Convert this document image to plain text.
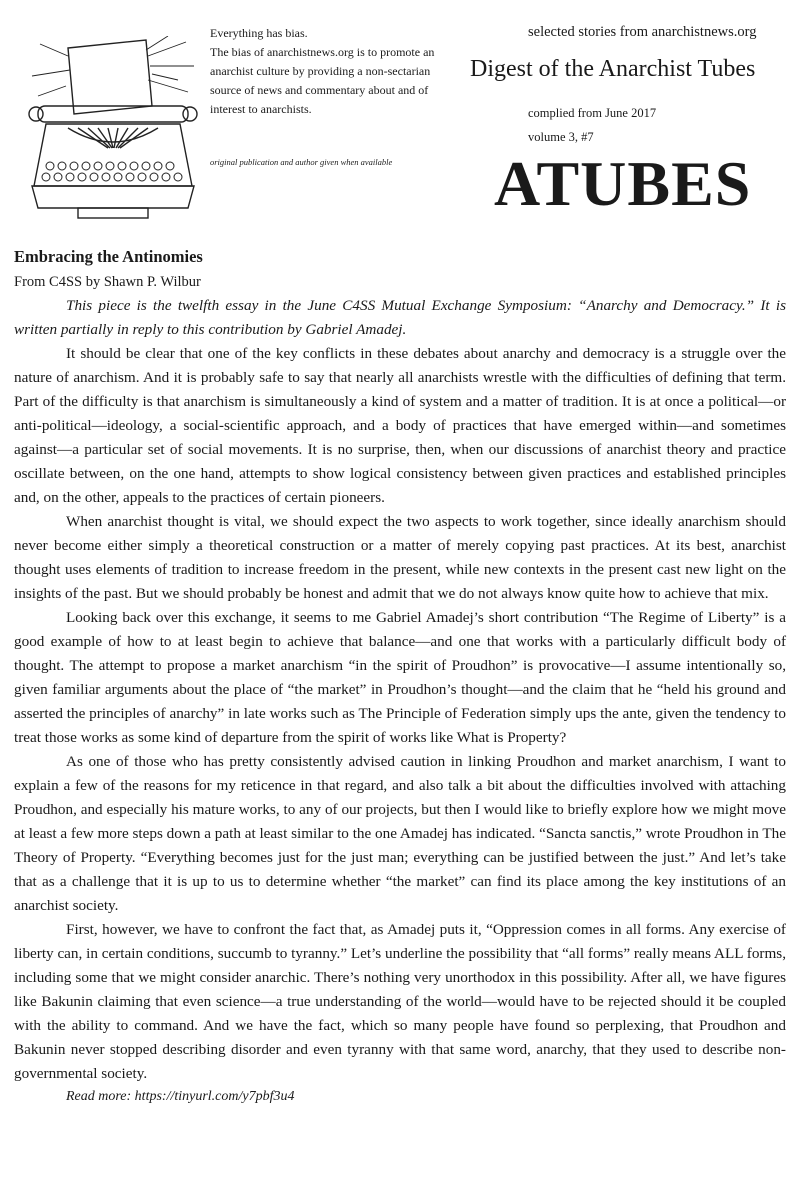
Everything has bias.

The bias of anarchistnews.org is to promote an anarchist culture by providing a non-sectarian source of news and commentary about and of interest to anarchists.

original publication and author given when available
selected stories from anarchistnews.org
Digest of the Anarchist Tubes
complied from June 2017
volume 3, #7
ATUBES
Embracing the Antinomies

From C4SS by Shawn P. Wilbur

This piece is the twelfth essay in the June C4SS Mutual Exchange Symposium: “Anarchy and Democracy.” It is written partially in reply to this contribution by Gabriel Amadej.

It should be clear that one of the key conflicts in these debates about anarchy and democracy is a struggle over the nature of anarchism. And it is probably safe to say that nearly all anarchists wrestle with the difficulties of defining that term. Part of the difficulty is that anarchism is simultaneously a kind of system and a matter of tradition. It is at once a political—or anti-political—ideology, a social-scientific approach, and a body of practices that have emerged within—and sometimes against—a particular set of social movements. It is no surprise, then, when our discussions of anarchist theory and practice oscillate between, on the one hand, attempts to show logical consistency between given practices and established principles and, on the other, appeals to the practices of certain pioneers.

When anarchist thought is vital, we should expect the two aspects to work together, since ideally anarchism should never become either simply a theoretical construction or a matter of merely copying past practices. At its best, anarchist thought uses elements of tradition to increase freedom in the present, while new contexts in the present cast new light on the insights of the past. But we should probably be honest and admit that we do not always know quite how to achieve that mix.

Looking back over this exchange, it seems to me Gabriel Amadej’s short contribution “The Regime of Liberty” is a good example of how to at least begin to achieve that balance—and one that works with a particularly difficult body of thought. The attempt to propose a market anarchism “in the spirit of Proudhon” is provocative—I assume intentionally so, given familiar arguments about the place of “the market” in Proudhon’s thought—and the claim that he “held his ground and asserted the principles of anarchy” in late works such as The Principle of Federation simply ups the ante, given the tendency to treat those works as some kind of departure from the spirit of works like What is Property?

As one of those who has pretty consistently advised caution in linking Proudhon and market anarchism, I want to explain a few of the reasons for my reticence in that regard, and also talk a bit about the difficulties involved with attaching Proudhon, and especially his mature works, to any of our projects, but then I would like to briefly explore how we might move at least a few more steps down a path at least similar to the one Amadej has indicated. “Sancta sanctis,” wrote Proudhon in The Theory of Property. “Everything becomes just for the just man; everything can be justified between the just.” And let’s take that as a challenge that it is up to us to determine whether “the market” can find its place among the key institutions of an anarchist society.

First, however, we have to confront the fact that, as Amadej puts it, “Oppression comes in all forms. Any exercise of liberty can, in certain conditions, succumb to tyranny.” Let’s underline the possibility that “all forms” really means ALL forms, including some that we might consider anarchic. There’s nothing very unorthodox in this possibility. After all, we have figures like Bakunin claiming that even science—a true understanding of the world—would have to be rejected should it be coupled with the ability to command. And we have the fact, which so many people have found so perplexing, that Proudhon and Bakunin never stopped describing disorder and even tyranny with that same word, anarchy, that they used to describe non-governmental society.

Read more: https://tinyurl.com/y7pbf3u4
